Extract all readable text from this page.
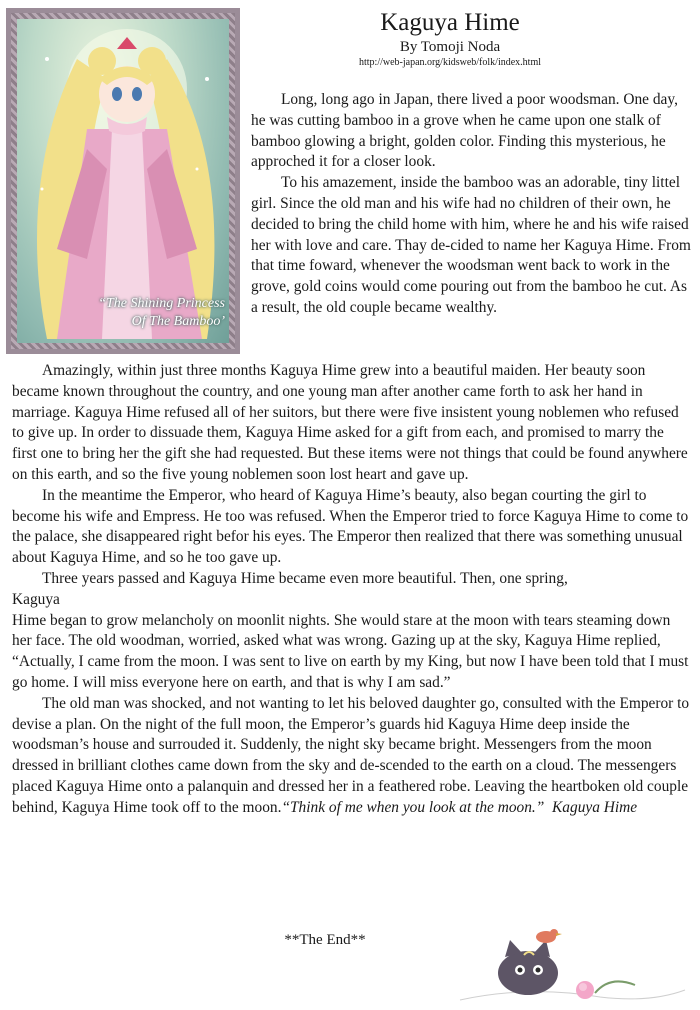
“The Shining Princess
Of The Bamboo’
Kaguya Hime
By Tomoji Noda
http://web-japan.org/kidsweb/folk/index.html

Long, long ago in Japan, there lived a poor woodsman. One day, he was cutting bamboo in a grove when he came upon one stalk of bamboo glowing a bright, golden color. Finding this mysterious, he approched it for a closer look.

To his amazement, inside the bamboo was an adorable, tiny littel girl. Since the old man and his wife had no children of their own, he decided to bring the child home with him, where he and his wife raised her with love and care. Thay de-cided to name her Kaguya Hime. From that time foward, whenever the woodsman went back to work in the grove, gold coins would come pouring out from the bamboo he cut. As a result, the old couple became wealthy.

Amazingly, within just three months Kaguya Hime grew into a beautiful maiden. Her beauty soon became known throughout the country, and one young man after another came forth to ask her hand in marriage. Kaguya Hime refused all of her suitors, but there were five insistent young noblemen who refused to give up. In order to dissuade them, Kaguya Hime asked for a gift from each, and promised to marry the first one to bring her the gift she had requested. But these items were not things that could be found anywhere on this earth, and so the five young noblemen soon lost heart and gave up.

In the meantime the Emperor, who heard of Kaguya Hime’s beauty, also began courting the girl to become his wife and Empress. He too was refused. When the Emperor tried to force Kaguya Hime to come to the palace, she disappeared right befor his eyes. The Emperor then realized that there was something unusual about Kaguya Hime, and so he too gave up.

Three years passed and Kaguya Hime became even more beautiful. Then, one spring,

Kaguya

Hime began to grow melancholy on moonlit nights. She would stare at the moon with tears steaming down her face. The old woodman, worried, asked what was wrong. Gazing up at the sky, Kaguya Hime replied, “Actually, I came from the moon. I was sent to live on earth by my King, but now I have been told that I must go home. I will miss everyone here on earth, and that is why I am sad.”

The old man was shocked, and not wanting to let his beloved daughter go, consulted with the Emperor to devise a plan. On the night of the full moon, the Emperor’s guards hid Kaguya Hime deep inside the woodsman’s house and surrouded it. Suddenly, the night sky became bright. Messengers from the moon dressed in brilliant clothes came down from the sky and de-scended to the earth on a cloud. The messengers placed Kaguya Hime onto a palanquin and dressed her in a feathered robe. Leaving the heartboken old couple behind, Kaguya Hime took off to the moon.“Think of me when you look at the moon.” Kaguya Hime

**The End**
